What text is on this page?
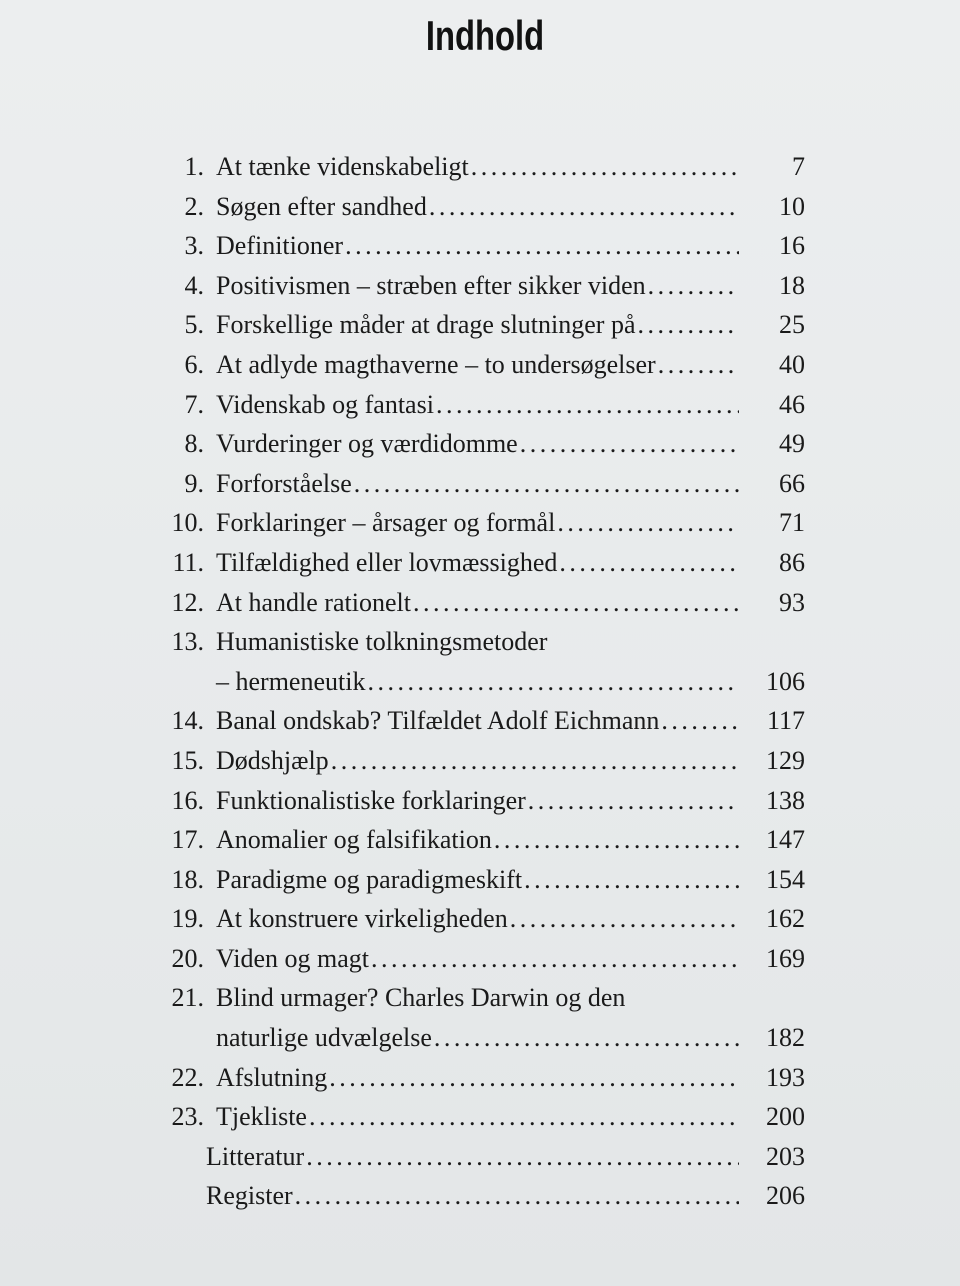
Indhold
1. At tænke videnskabeligt .....	7
2. Søgen efter sandhed .....	10
3. Definitioner .....	16
4. Positivismen – stræben efter sikker viden .....	18
5. Forskellige måder at drage slutninger på .....	25
6. At adlyde magthaverne – to undersøgelser .....	40
7. Videnskab og fantasi .....	46
8. Vurderinger og værdidomme .....	49
9. Forforståelse .....	66
10. Forklaringer – årsager og formål .....	71
11. Tilfældighed eller lovmæssighed .....	86
12. At handle rationelt .....	93
13. Humanistiske tolkningsmetoder
– hermeneutik .....	106
14. Banal ondskab? Tilfældet Adolf Eichmann .....	117
15. Dødshjælp .....	129
16. Funktionalistiske forklaringer .....	138
17. Anomalier og falsifikation .....	147
18. Paradigme og paradigmeskift .....	154
19. At konstruere virkeligheden .....	162
20. Viden og magt .....	169
21. Blind urmager? Charles Darwin og den
naturlige udvælgelse .....	182
22. Afslutning .....	193
23. Tjekliste .....	200
Litteratur .....	203
Register .....	206
